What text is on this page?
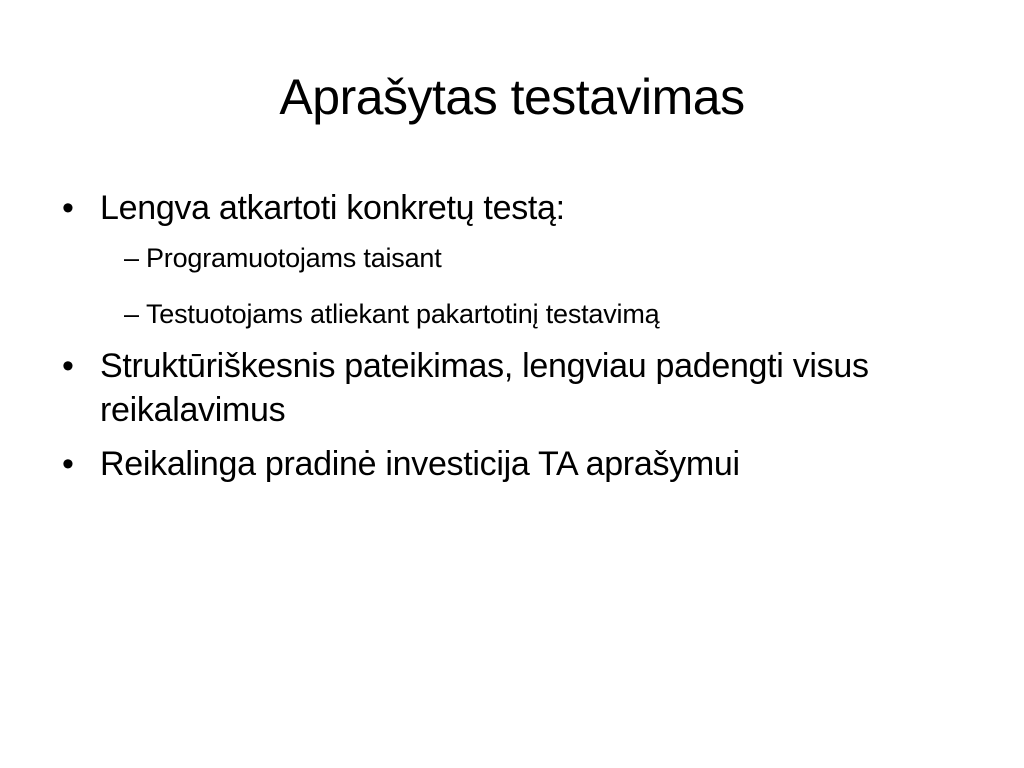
Aprašytas testavimas
• Lengva atkartoti konkretų testą:
– Programuotojams taisant
– Testuotojams atliekant pakartotinį testavimą
• Struktūriškesnis pateikimas, lengviau padengti visus reikalavimus
• Reikalinga pradinė investicija TA aprašymui
